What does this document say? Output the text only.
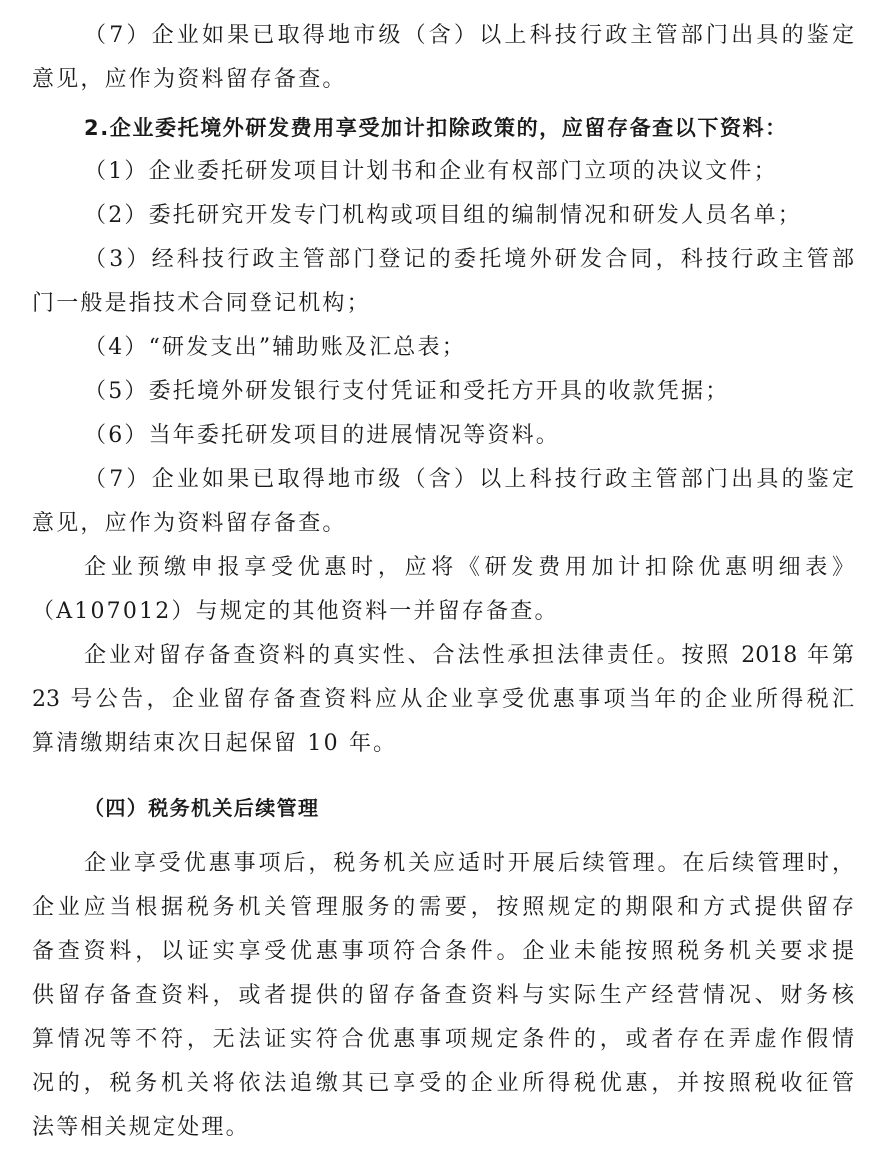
（7）企业如果已取得地市级（含）以上科技行政主管部门出具的鉴定
意见，应作为资料留存备查。
2.企业委托境外研发费用享受加计扣除政策的，应留存备查以下资料：
（1）企业委托研发项目计划书和企业有权部门立项的决议文件；
（2）委托研究开发专门机构或项目组的编制情况和研发人员名单；
（3）经科技行政主管部门登记的委托境外研发合同，科技行政主管部
门一般是指技术合同登记机构；
（4）“研发支出”辅助账及汇总表；
（5）委托境外研发银行支付凭证和受托方开具的收款凭据；
（6）当年委托研发项目的进展情况等资料。
（7）企业如果已取得地市级（含）以上科技行政主管部门出具的鉴定
意见，应作为资料留存备查。
企业预缴申报享受优惠时，应将《研发费用加计扣除优惠明细表》
（A107012）与规定的其他资料一并留存备查。
企业对留存备查资料的真实性、合法性承担法律责任。按照 2018 年第
23 号公告，企业留存备查资料应从企业享受优惠事项当年的企业所得税汇
算清缴期结束次日起保留 10 年。
（四）税务机关后续管理
企业享受优惠事项后，税务机关应适时开展后续管理。在后续管理时，
企业应当根据税务机关管理服务的需要，按照规定的期限和方式提供留存
备查资料，以证实享受优惠事项符合条件。企业未能按照税务机关要求提
供留存备查资料，或者提供的留存备查资料与实际生产经营情况、财务核
算情况等不符，无法证实符合优惠事项规定条件的，或者存在弄虚作假情
况的，税务机关将依法追缴其已享受的企业所得税优惠，并按照税收征管
法等相关规定处理。
